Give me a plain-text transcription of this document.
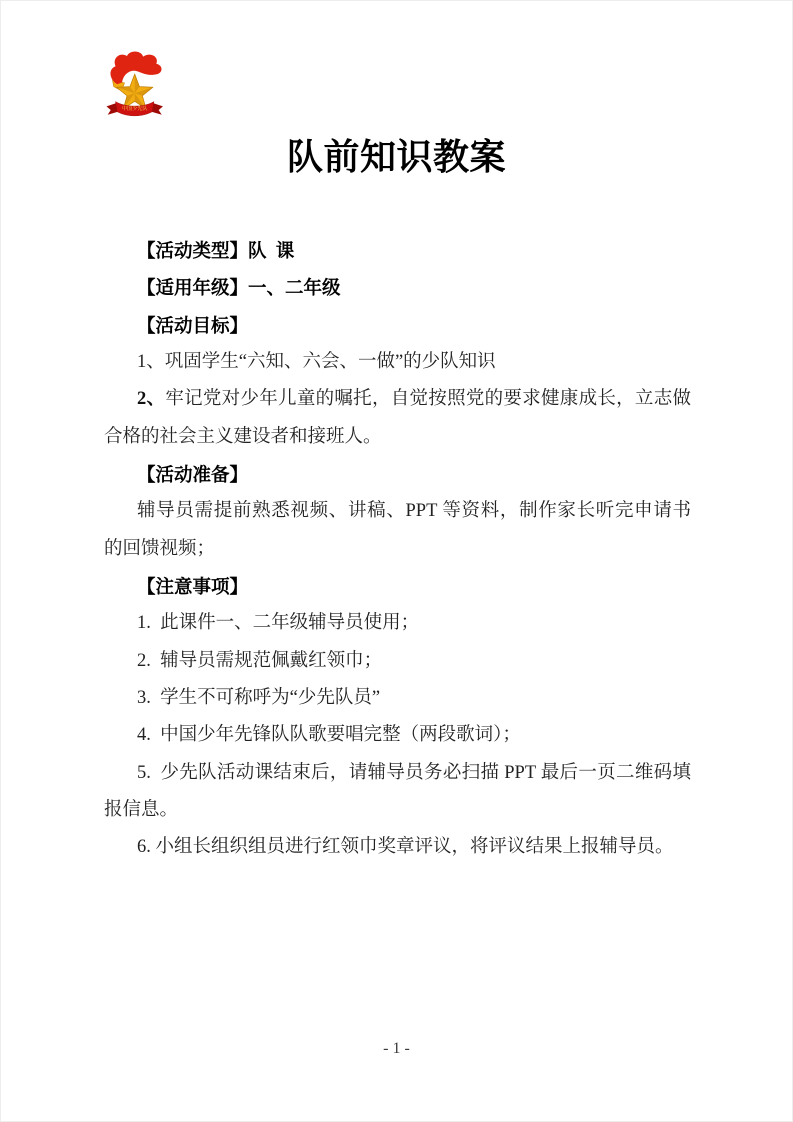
中国少先队
队前知识教案

【活动类型】队 课

【适用年级】一、二年级

【活动目标】

1、巩固学生“六知、六会、一做”的少队知识

2、牢记党对少年儿童的嘱托，自觉按照党的要求健康成长，立志做合格的社会主义建设者和接班人。

【活动准备】

辅导员需提前熟悉视频、讲稿、PPT 等资料，制作家长听完申请书的回馈视频；

【注意事项】

1. 此课件一、二年级辅导员使用；

2. 辅导员需规范佩戴红领巾；

3. 学生不可称呼为“少先队员”

4. 中国少年先锋队队歌要唱完整（两段歌词）；

5. 少先队活动课结束后，请辅导员务必扫描 PPT 最后一页二维码填报信息。

6. 小组长组织组员进行红领巾奖章评议，将评议结果上报辅导员。

- 1 -
